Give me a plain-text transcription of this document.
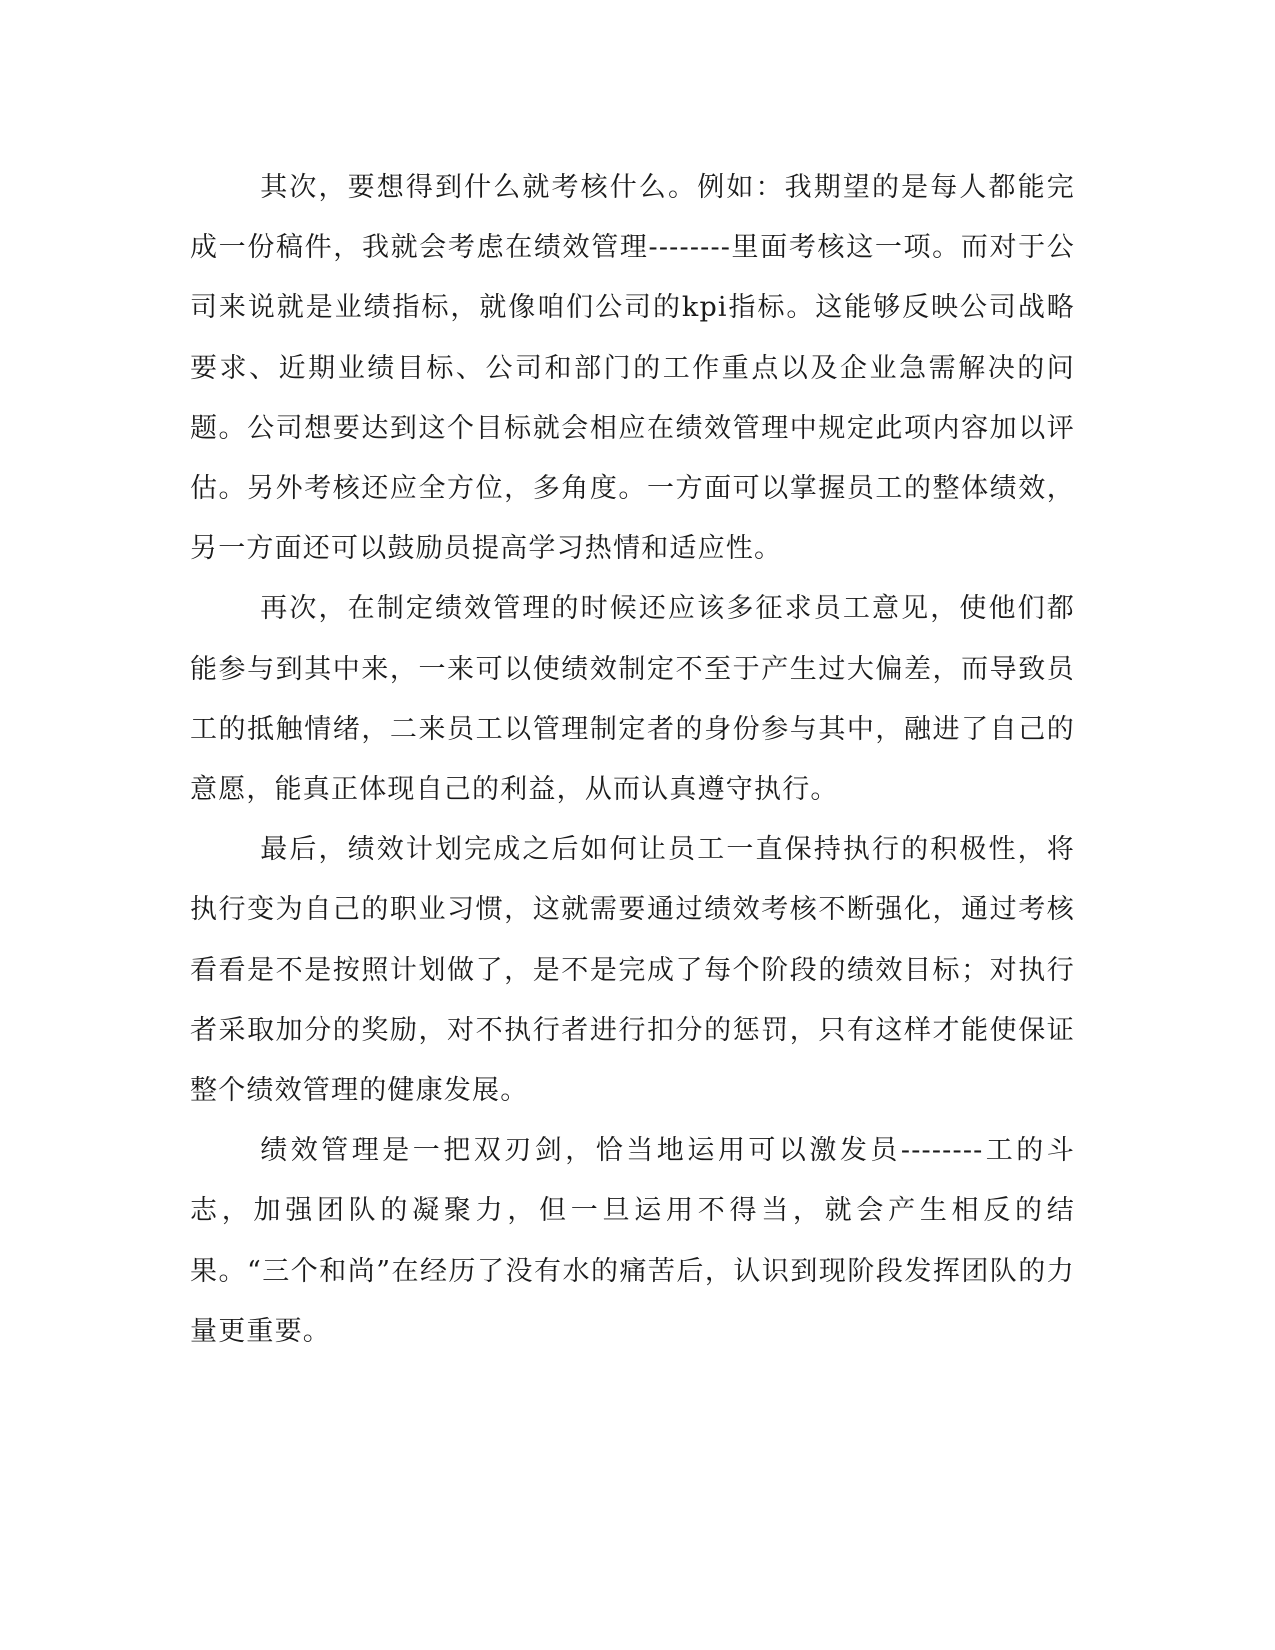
其次，要想得到什么就考核什么。例如：我期望的是每人都能完成一份稿件，我就会考虑在绩效管理--------里面考核这一项。而对于公司来说就是业绩指标，就像咱们公司的kpi指标。这能够反映公司战略要求、近期业绩目标、公司和部门的工作重点以及企业急需解决的问题。公司想要达到这个目标就会相应在绩效管理中规定此项内容加以评估。另外考核还应全方位，多角度。一方面可以掌握员工的整体绩效，另一方面还可以鼓励员提高学习热情和适应性。

再次，在制定绩效管理的时候还应该多征求员工意见，使他们都能参与到其中来，一来可以使绩效制定不至于产生过大偏差，而导致员工的抵触情绪，二来员工以管理制定者的身份参与其中，融进了自己的意愿，能真正体现自己的利益，从而认真遵守执行。

最后，绩效计划完成之后如何让员工一直保持执行的积极性，将执行变为自己的职业习惯，这就需要通过绩效考核不断强化，通过考核看看是不是按照计划做了，是不是完成了每个阶段的绩效目标；对执行者采取加分的奖励，对不执行者进行扣分的惩罚，只有这样才能使保证整个绩效管理的健康发展。

绩效管理是一把双刃剑，恰当地运用可以激发员--------工的斗志，加强团队的凝聚力，但一旦运用不得当，就会产生相反的结果。“三个和尚”在经历了没有水的痛苦后，认识到现阶段发挥团队的力量更重要。
